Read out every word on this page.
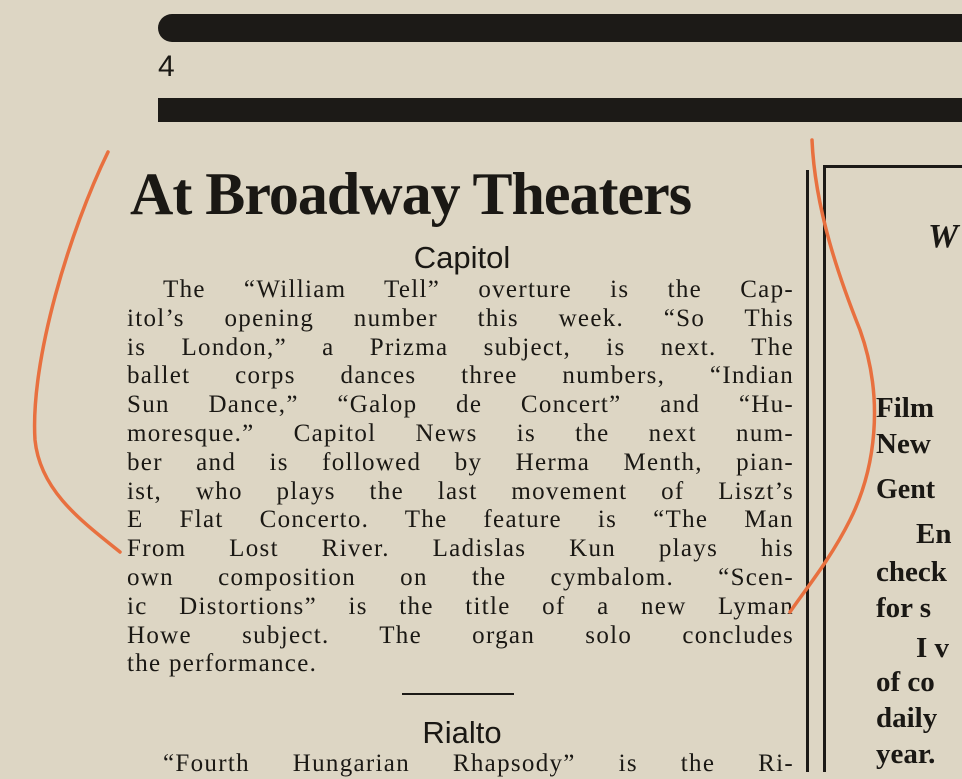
4
At Broadway Theaters
Capitol
The “William Tell” overture is the Cap-
itol’s opening number this week. “So This
is London,” a Prizma subject, is next. The
ballet corps dances three numbers, “Indian
Sun Dance,” “Galop de Concert” and “Hu-
moresque.” Capitol News is the next num-
ber and is followed by Herma Menth, pian-
ist, who plays the last movement of Liszt’s
E Flat Concerto. The feature is “The Man
From Lost River. Ladislas Kun plays his
own composition on the cymbalom. “Scen-
ic Distortions” is the title of a new Lyman
Howe subject. The organ solo concludes
the performance.
Rialto
“Fourth Hungarian Rhapsody” is the Ri-
W
Film
New
Gent
En
check
for s
I v
of co
daily
year.
